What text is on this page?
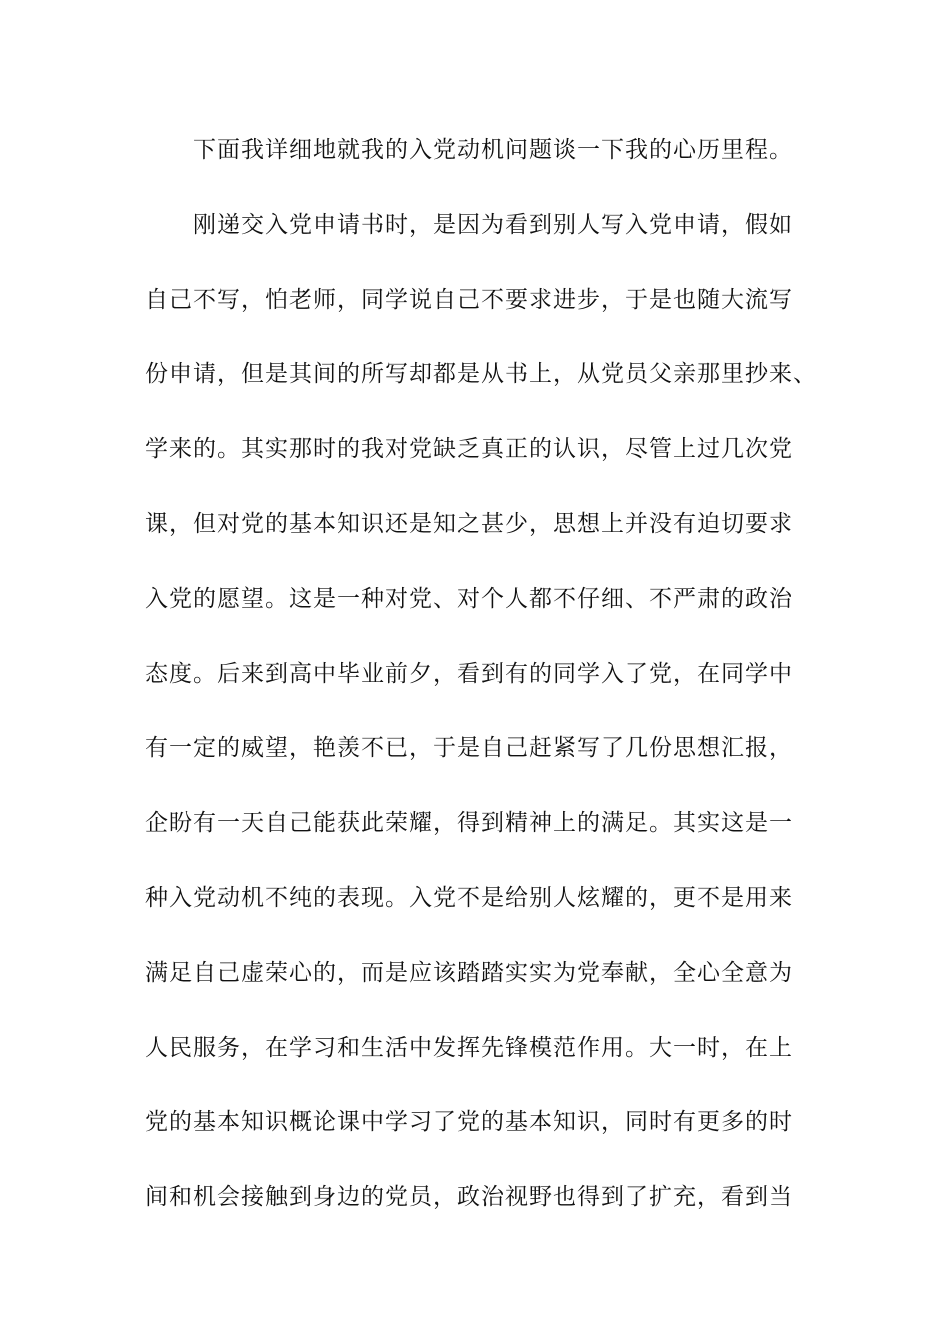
下面我详细地就我的入党动机问题谈一下我的心历里程。
刚递交入党申请书时，是因为看到别人写入党申请，假如
自己不写，怕老师，同学说自己不要求进步，于是也随大流写
份申请，但是其间的所写却都是从书上，从党员父亲那里抄来、
学来的。其实那时的我对党缺乏真正的认识，尽管上过几次党
课，但对党的基本知识还是知之甚少，思想上并没有迫切要求
入党的愿望。这是一种对党、对个人都不仔细、不严肃的政治
态度。后来到高中毕业前夕，看到有的同学入了党，在同学中
有一定的威望，艳羡不已，于是自己赶紧写了几份思想汇报，
企盼有一天自己能获此荣耀，得到精神上的满足。其实这是一
种入党动机不纯的表现。入党不是给别人炫耀的，更不是用来
满足自己虚荣心的，而是应该踏踏实实为党奉献，全心全意为
人民服务，在学习和生活中发挥先锋模范作用。大一时，在上
党的基本知识概论课中学习了党的基本知识，同时有更多的时
间和机会接触到身边的党员，政治视野也得到了扩充，看到当
